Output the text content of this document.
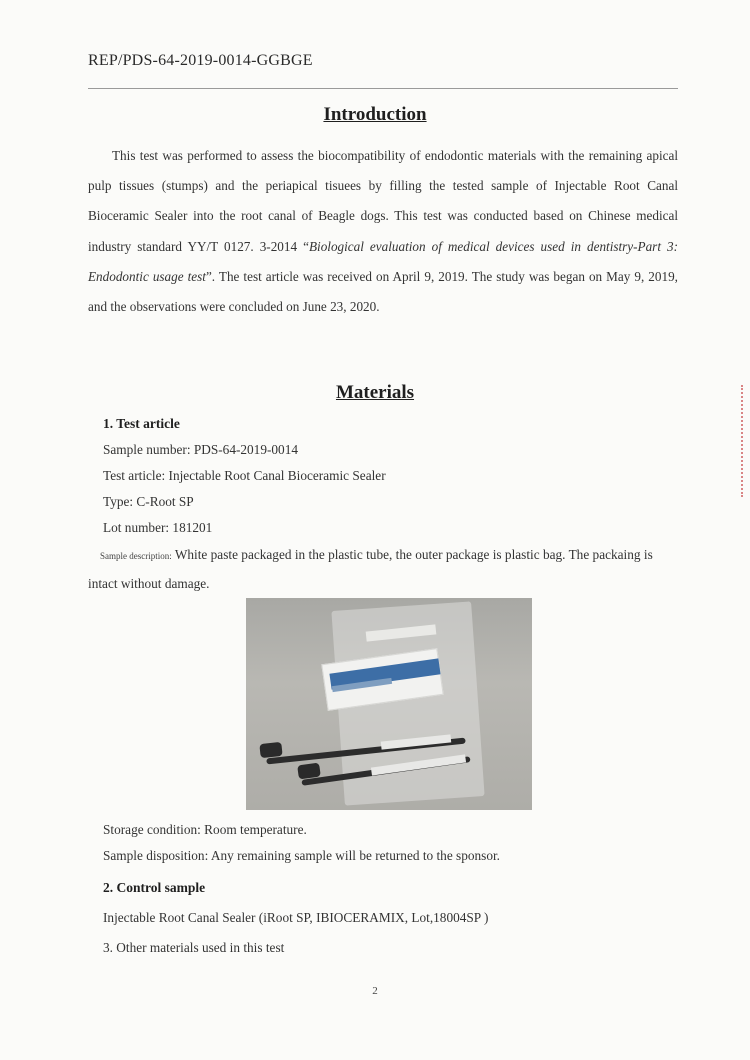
REP/PDS-64-2019-0014-GGBGE
Introduction
This test was performed to assess the biocompatibility of endodontic materials with the remaining apical pulp tissues (stumps) and the periapical tisuees by filling the tested sample of Injectable Root Canal Bioceramic Sealer into the root canal of Beagle dogs. This test was conducted based on Chinese medical industry standard YY/T 0127. 3-2014 “Biological evaluation of medical devices used in dentistry-Part 3: Endodontic usage test”. The test article was received on April 9, 2019. The study was began on May 9, 2019, and the observations were concluded on June 23, 2020.
Materials
1. Test article
Sample number: PDS-64-2019-0014
Test article: Injectable Root Canal Bioceramic Sealer
Type: C-Root SP
Lot number: 181201
Sample description: White paste packaged in the plastic tube, the outer package is plastic bag. The packaing is intact without damage.
Storage condition: Room temperature.
Sample disposition: Any remaining sample will be returned to the sponsor.
2. Control sample
Injectable Root Canal Sealer (iRoot SP, IBIOCERAMIX, Lot,18004SP )
3. Other materials used in this test
2
